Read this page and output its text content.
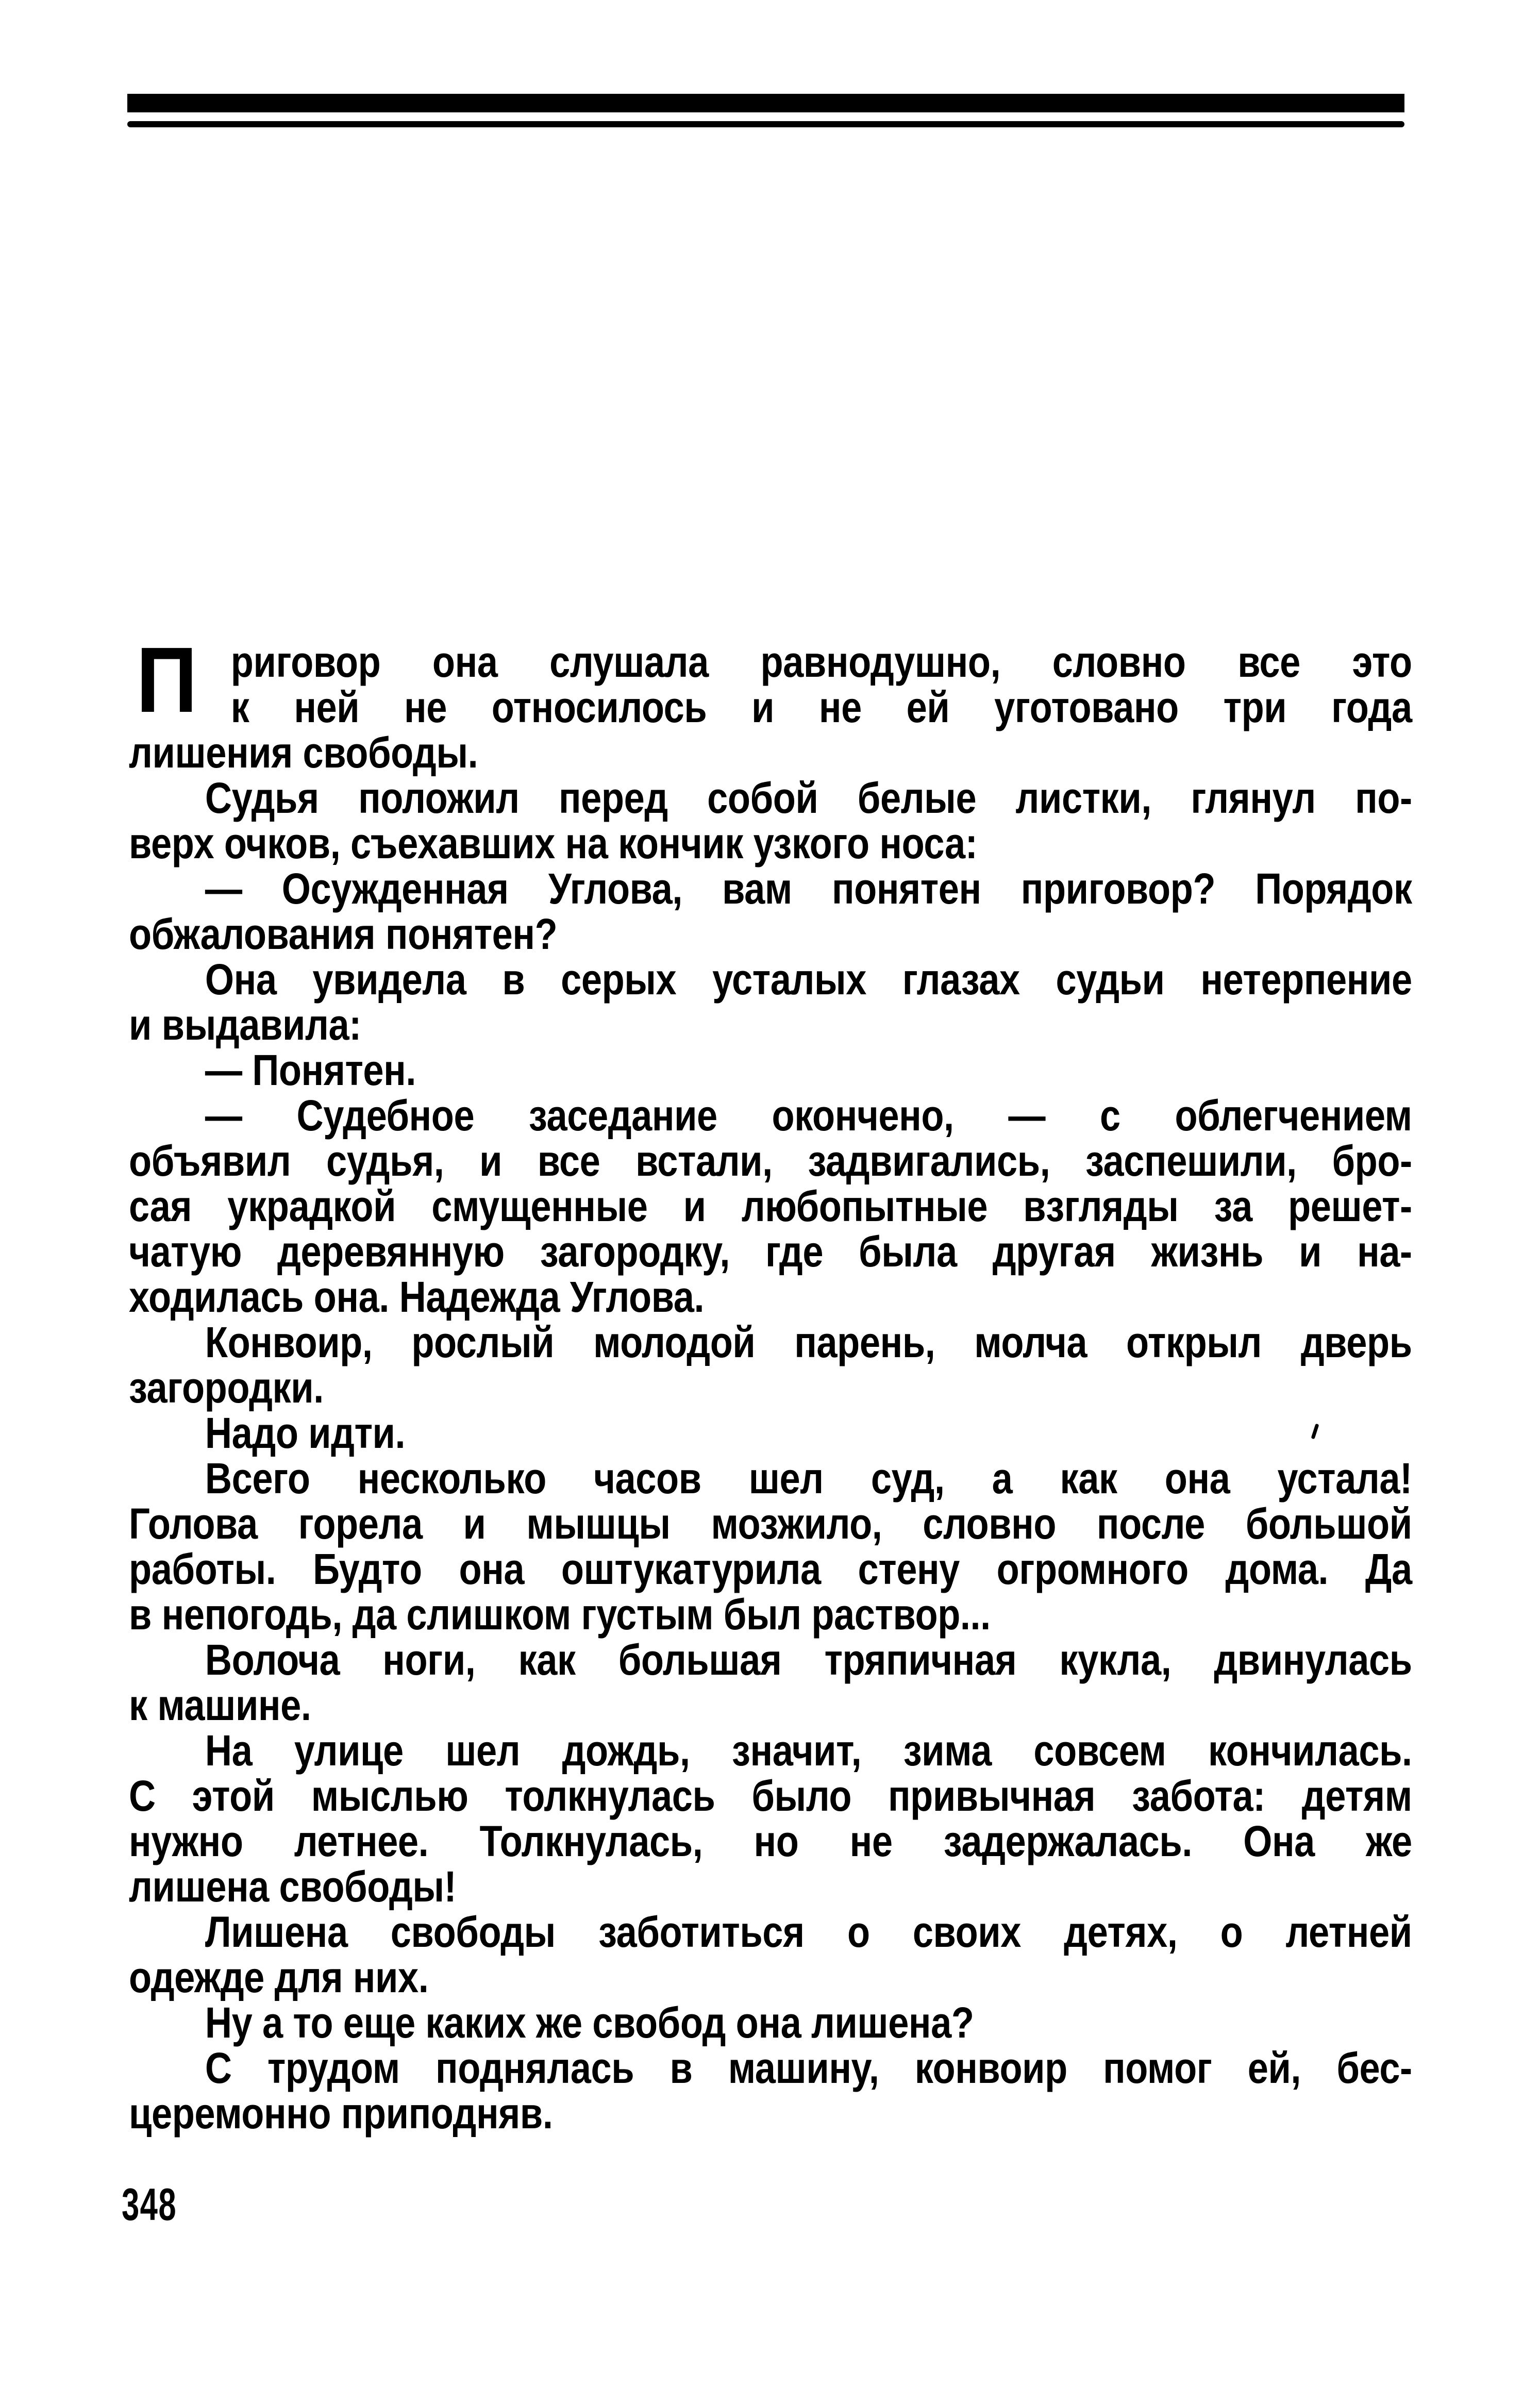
П риговор она слушала равнодушно, словно все это
к ней не относилось и не ей уготовано три года
лишения свободы.
Судья положил перед собой белые листки, глянул по-
верх очков, съехавших на кончик узкого носа:
— Осужденная Углова, вам понятен приговор? Порядок
обжалования понятен?
Она увидела в серых усталых глазах судьи нетерпение
и выдавила:
— Понятен.
— Судебное заседание окончено, — с облегчением
объявил судья, и все встали, задвигались, заспешили, бро-
сая украдкой смущенные и любопытные взгляды за решет-
чатую деревянную загородку, где была другая жизнь и на-
ходилась она. Надежда Углова.
Конвоир, рослый молодой парень, молча открыл дверь
загородки.
Надо идти.
Всего несколько часов шел суд, а как она устала!
Голова горела и мышцы мозжило, словно после большой
работы. Будто она оштукатурила стену огромного дома. Да
в непогодь, да слишком густым был раствор...
Волоча ноги, как большая тряпичная кукла, двинулась
к машине.
На улице шел дождь, значит, зима совсем кончилась.
С этой мыслью толкнулась было привычная забота: детям
нужно летнее. Толкнулась, но не задержалась. Она же
лишена свободы!
Лишена свободы заботиться о своих детях, о летней
одежде для них.
Ну а то еще каких же свобод она лишена?
С трудом поднялась в машину, конвоир помог ей, бес-
церемонно приподняв.
348
